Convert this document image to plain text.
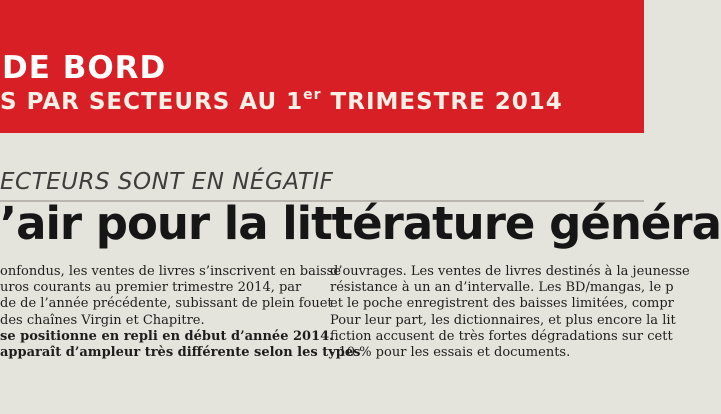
DE BORD
S PAR SECTEURS AU 1er TRIMESTRE 2014
ECTEURS SONT EN NÉGATIF
’air pour la littérature généra
onfondus, les ventes de livres s’inscrivent en baisse
uros courants au premier trimestre 2014, par
de de l’année précédente, subissant de plein fouet
des chaînes Virgin et Chapitre.
se positionne en repli en début d’année 2014.
apparaît d’ampleur très différente selon les types
d’ouvrages. Les ventes de livres destinés à la jeunesse
résistance à un an d’intervalle. Les BD/mangas, le p
et le poche enregistrent des baisses limitées, compr
Pour leur part, les dictionnaires, et plus encore la lit
fiction accusent de très fortes dégradations sur cett
- 10 % pour les essais et documents.
